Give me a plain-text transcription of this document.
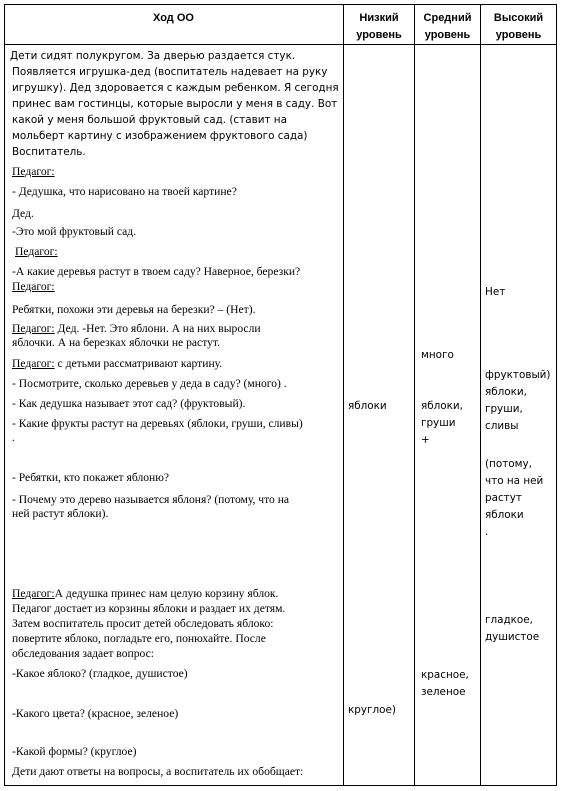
Ход ОО	Низкий
уровень
Средний
уровень
Высокий
уровень
Дети сидят полукругом. За дверью раздается стук.
Появляется игрушка-дед (воспитатель надевает на руку
игрушку). Дед здоровается с каждым ребенком. Я сегодня
принес вам гостинцы, которые выросли у меня в саду. Вот
какой у меня большой фруктовый сад. (ставит на
мольберт картину с изображением фруктового сада)
Воспитатель.
Педагог:
- Дедушка, что нарисовано на твоей картине?
Дед.
-Это мой фруктовый сад.
Педагог:
-А какие деревья растут в твоем саду? Наверное, березки?
Педагог:
Ребятки, похожи эти деревья на березки? – (Нет).
Педагог: Дед. -Нет. Это яблони. А на них выросли
яблочки. А на березках яблочки не растут.
Педагог: с детьми рассматривают картину.
- Посмотрите, сколько деревьев у деда в саду? (много) .
- Как дедушка называет этот сад? (фруктовый).
- Какие фрукты растут на деревьях (яблоки, груши, сливы)
.
- Ребятки, кто покажет яблоню?
- Почему это дерево называется яблоня? (потому, что на
ней растут яблоки).
Педагог:А дедушка принес нам целую корзину яблок.
Педагог достает из корзины яблоки и раздает их детям.
Затем воспитатель просит детей обследовать яблоко:
повертите яблоко, погладьте его, понюхайте. После
обследования задает вопрос:
-Какое яблоко? (гладкое, душистое)
-Какого цвета? (красное, зеленое)
-Какой формы? (круглое)
Дети дают ответы на вопросы, а воспитатель их обобщает:
яблоки
круглое)
много
яблоки,
груши
+
красное,
зеленое
Нет
фруктовый)
яблоки,
груши,
сливы
(потому,
что на ней
растут
яблоки
.
гладкое,
душистое
